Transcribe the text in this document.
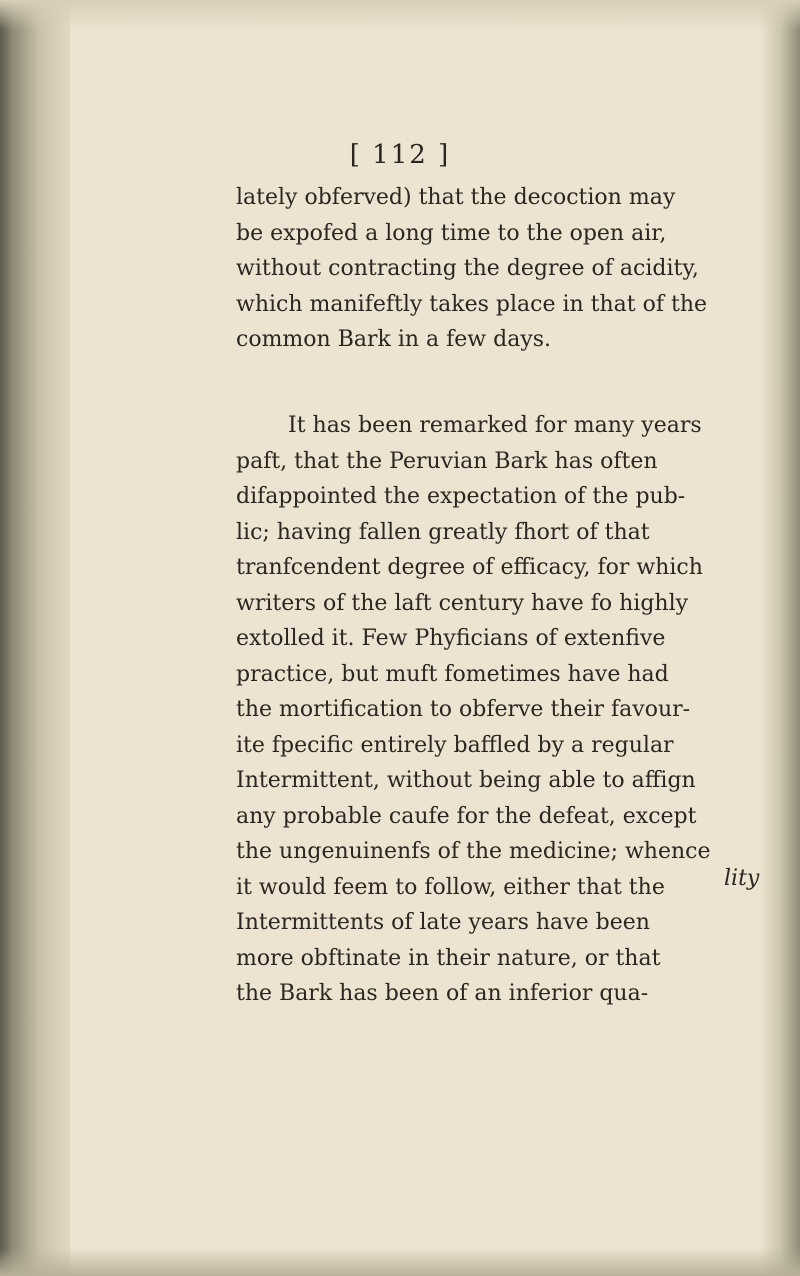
[ 112 ]
lately obferved) that the decoction may
be expofed a long time to the open air,
without contracting the degree of acidity,
which manifeftly takes place in that of the
common Bark in a few days.
It has been remarked for many years
paft, that the Peruvian Bark has often
difappointed the expectation of the pub-
lic; having fallen greatly fhort of that
tranfcendent degree of efficacy, for which
writers of the laft century have fo highly
extolled it. Few Phyficians of extenfive
practice, but muft fometimes have had
the mortification to obferve their favour-
ite fpecific entirely baffled by a regular
Intermittent, without being able to affign
any probable caufe for the defeat, except
the ungenuinenfs of the medicine; whence
it would feem to follow, either that the
Intermittents of late years have been
more obftinate in their nature, or that
the Bark has been of an inferior qua-
lity
